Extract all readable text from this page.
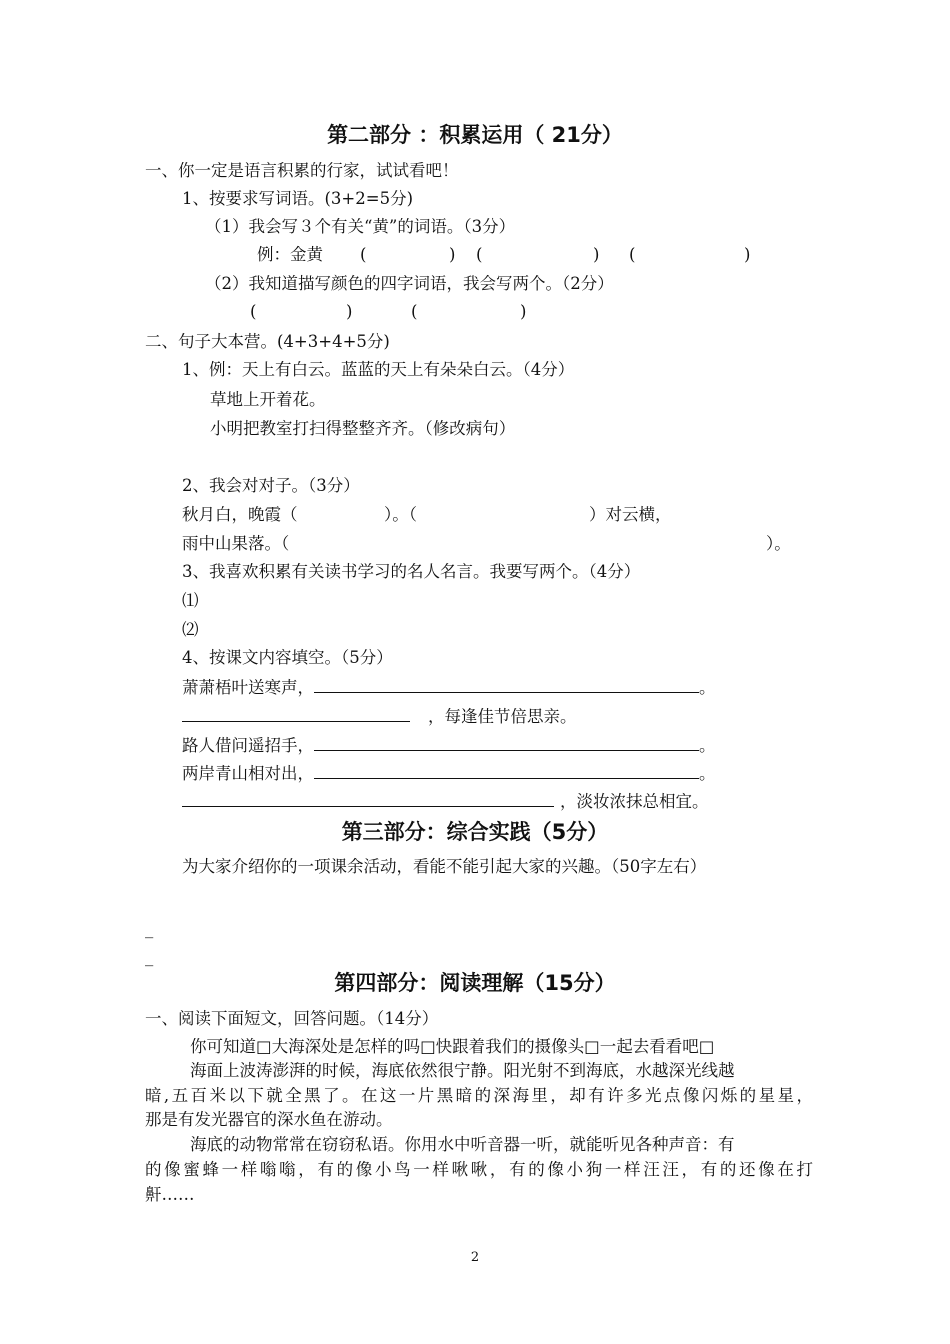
第二部分 ：积累运用（ 21分）
一、你一定是语言积累的行家，试试看吧！
1、按要求写词语。(3+2=5分)
（1）我会写３个有关“黄”的词语。（3分）
例：金黄 (	) (	) (	)
（2）我知道描写颜色的四字词语，我会写两个。（2分）
(	)	(	)
二、句子大本营。(4+3+4+5分)
1、例：天上有白云。蓝蓝的天上有朵朵白云。（4分）
草地上开着花。
小明把教室打扫得整整齐齐。（修改病句）
2、我会对对子。（3分）
秋月白，晚霞（	）。（	）对云横，
雨中山果落。（	）。
3、我喜欢积累有关读书学习的名人名言。我要写两个。（4分）
⑴
⑵
4、按课文内容填空。（5分）
萧萧梧叶送寒声，	。
，每逢佳节倍思亲。
路人借问遥招手，	。
两岸青山相对出，	。
，淡妆浓抹总相宜。
第三部分：综合实践（5分）
为大家介绍你的一项课余活动，看能不能引起大家的兴趣。（50字左右）
_
_
第四部分：阅读理解（15分）
一、阅读下面短文，回答问题。（14分）
你可知道□大海深处是怎样的吗□快跟着我们的摄像头□一起去看看吧□
海面上波涛澎湃的时候，海底依然很宁静。阳光射不到海底，水越深光线越
暗,五百米以下就全黑了。在这一片黑暗的深海里，却有许多光点像闪烁的星星，
那是有发光器官的深水鱼在游动。
海底的动物常常在窃窃私语。你用水中听音器一听，就能听见各种声音：有
的像蜜蜂一样嗡嗡，有的像小鸟一样啾啾，有的像小狗一样汪汪，有的还像在打
鼾……
2
